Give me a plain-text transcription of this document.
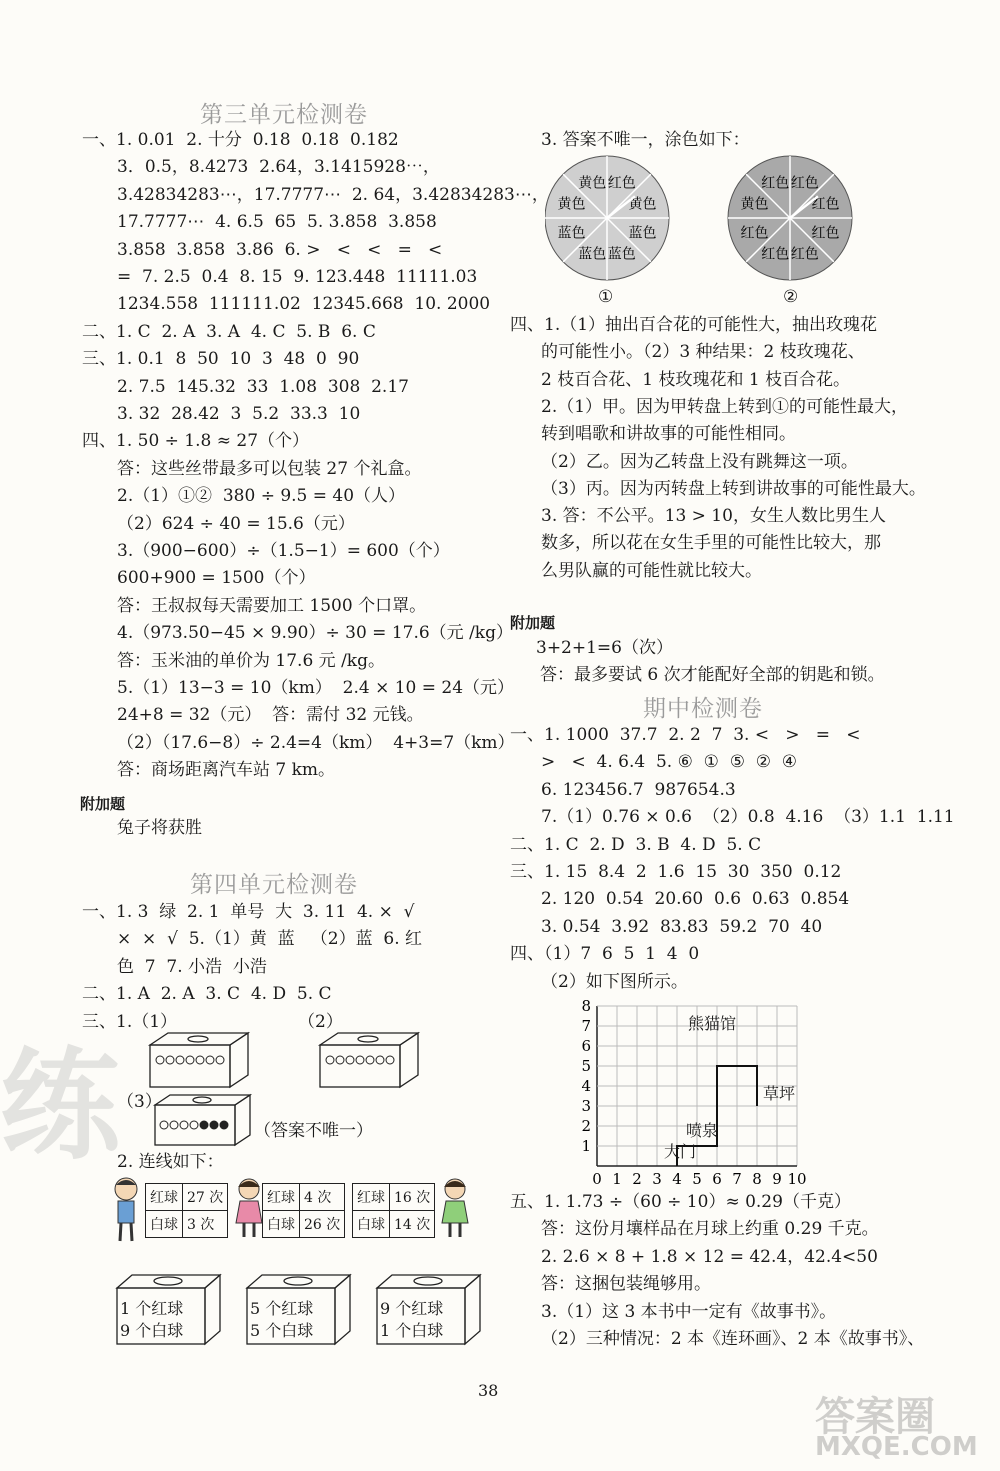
练
答案圈
MXQE.COM
第三单元检测卷
一、1. 0.01  2. 十分  0.18  0.18  0.182
3．0.5，8.4273  2.64，3.1415928⋯，
3.42834283⋯，17.7777⋯  2. 64，3.42834283⋯，
17.7777⋯  4. 6.5  65  5. 3.858  3.858
3.858  3.858  3.86  6. >   <   <   =   <
=  7. 2.5  0.4  8. 15  9. 123.448  11111.03
1234.558  111111.02  12345.668  10. 2000
二、1. C  2. A  3. A  4. C  5. B  6. C
三、1. 0.1  8  50  10  3  48  0  90
2. 7.5  145.32  33  1.08  308  2.17
3. 32  28.42  3  5.2  33.3  10
四、1. 50 ÷ 1.8 ≈ 27（个）
答：这些丝带最多可以包装 27 个礼盒。
2.（1）①②  380 ÷ 9.5 = 40（人）
（2）624 ÷ 40 = 15.6（元）
3.（900−600）÷（1.5−1）= 600（个）
600+900 = 1500（个）
答：王叔叔每天需要加工 1500 个口罩。
4.（973.50−45 × 9.90）÷ 30 = 17.6（元 /kg）
答：玉米油的单价为 17.6 元 /kg。
5.（1）13−3 = 10（km）  2.4 × 10 = 24（元）
24+8 = 32（元）  答：需付 32 元钱。
（2）（17.6−8）÷ 2.4=4（km）  4+3=7（km）
答：商场距离汽车站 7 km。
附加题
兔子将获胜
第四单元检测卷
一、1. 3  绿  2. 1  单号  大  3. 11  4. ×  √
×  ×  √  5.（1）黄  蓝   （2）蓝  6. 红
色  7  7. 小浩  小浩
二、1. A  2. A  3. C  4. D  5. C
三、1.（1）	（2）
（3）
（答案不唯一）
2. 连线如下：
红球	27 次
白球	3 次
红球	4 次
白球	26 次
红球	16 次
白球	14 次
1 个红球
9 个白球
5 个红球
5 个白球
9 个红球
1 个白球
3. 答案不唯一，涂色如下：
黄色 红色
黄色
蓝色
蓝色
蓝色
蓝色
黄色
红色 红色
红色
红色
红色
红色
红色
黄色
①	②
四、1.（1）抽出百合花的可能性大，抽出玫瑰花
的可能性小。（2）3 种结果：2 枝玫瑰花、
2 枝百合花、1 枝玫瑰花和 1 枝百合花。
2.（1）甲。因为甲转盘上转到①的可能性最大，
转到唱歌和讲故事的可能性相同。
（2）乙。因为乙转盘上没有跳舞这一项。
（3）丙。因为丙转盘上转到讲故事的可能性最大。
3. 答：不公平。13 > 10，女生人数比男生人
数多，所以花在女生手里的可能性比较大，那
么男队赢的可能性就比较大。
附加题
3+2+1=6（次）
答：最多要试 6 次才能配好全部的钥匙和锁。
期中检测卷
一、1. 1000  37.7  2. 2  7  3. <   >   =   <
>   <  4. 6.4  5. ⑥  ①  ⑤  ②  ④
6. 123456.7  987654.3
7.（1）0.76 × 0.6  （2）0.8  4.16  （3）1.1  1.11
二、1. C  2. D  3. B  4. D  5. C
三、1. 15  8.4  2  1.6  15  30  350  0.12
2. 120  0.54  20.60  0.6  0.63  0.854
3. 0.54  3.92  83.83  59.2  70  40
四、（1）7  6  5  1  4  0
（2）如下图所示。
0 1 2 3 4 5 6 7 8 9 10
1
2
3
4
5
6
7
8
熊猫馆
草坪
喷泉
大门
五、1. 1.73 ÷（60 ÷ 10）≈ 0.29（千克）
答：这份月壤样品在月球上约重 0.29 千克。
2. 2.6 × 8 + 1.8 × 12 = 42.4，42.4<50
答：这捆包装绳够用。
3.（1）这 3 本书中一定有《故事书》。
（2）三种情况：2 本《连环画》、2 本《故事书》、
38
